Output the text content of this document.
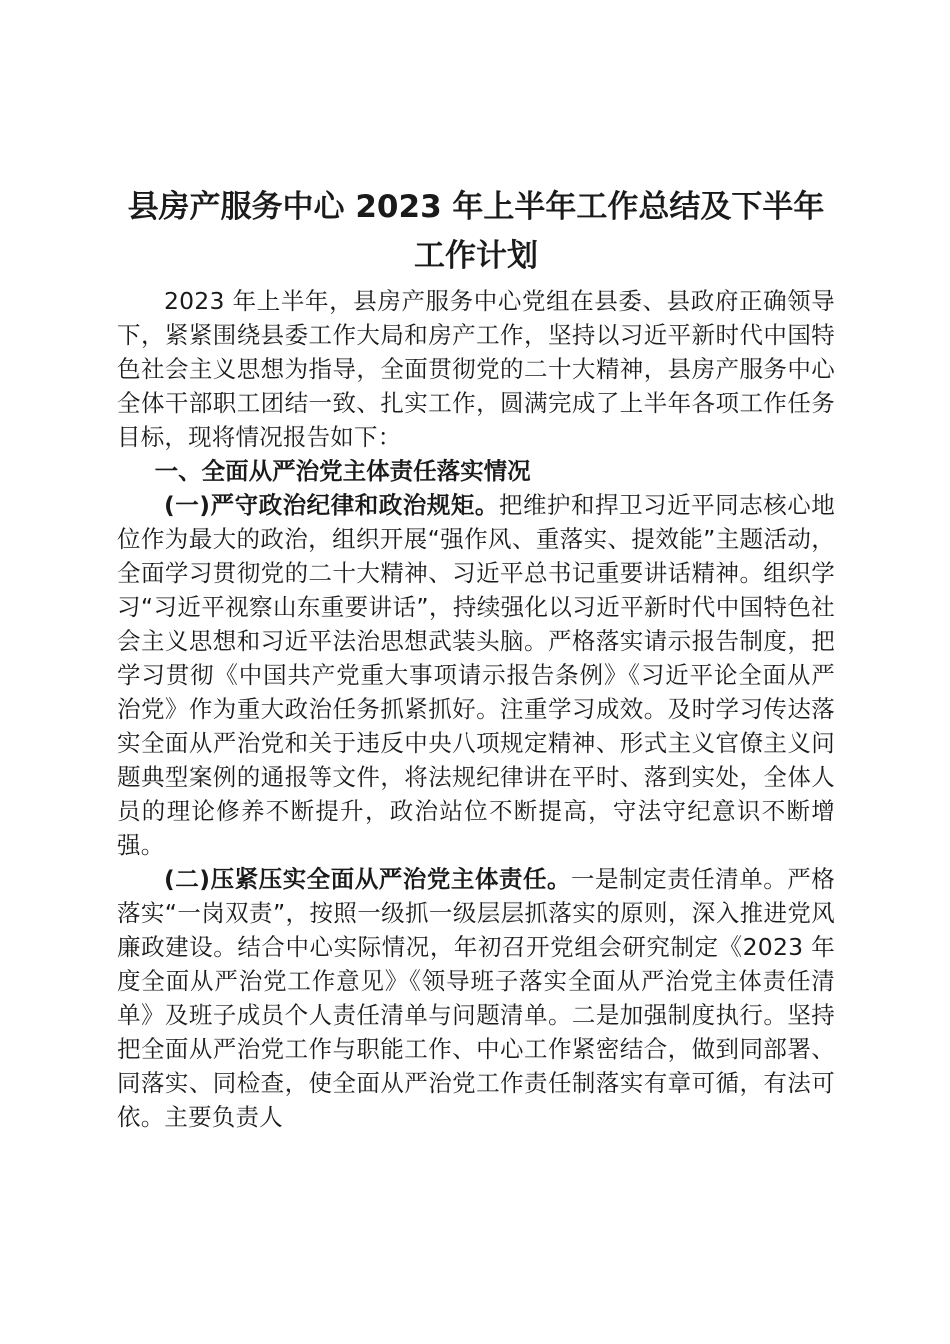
县房产服务中心 2023 年上半年工作总结及下半年工作计划

2023 年上半年，县房产服务中心党组在县委、县政府正确领导下，紧紧围绕县委工作大局和房产工作，坚持以习近平新时代中国特色社会主义思想为指导，全面贯彻党的二十大精神，县房产服务中心全体干部职工团结一致、扎实工作，圆满完成了上半年各项工作任务目标，现将情况报告如下：

一、全面从严治党主体责任落实情况

(一)严守政治纪律和政治规矩。把维护和捍卫习近平同志核心地位作为最大的政治，组织开展“强作风、重落实、提效能”主题活动，全面学习贯彻党的二十大精神、习近平总书记重要讲话精神。组织学习“习近平视察山东重要讲话”，持续强化以习近平新时代中国特色社会主义思想和习近平法治思想武装头脑。严格落实请示报告制度，把学习贯彻《中国共产党重大事项请示报告条例》《习近平论全面从严治党》作为重大政治任务抓紧抓好。注重学习成效。及时学习传达落实全面从严治党和关于违反中央八项规定精神、形式主义官僚主义问题典型案例的通报等文件，将法规纪律讲在平时、落到实处，全体人员的理论修养不断提升，政治站位不断提高，守法守纪意识不断增强。

(二)压紧压实全面从严治党主体责任。一是制定责任清单。严格落实“一岗双责”，按照一级抓一级层层抓落实的原则，深入推进党风廉政建设。结合中心实际情况，年初召开党组会研究制定《2023 年度全面从严治党工作意见》《领导班子落实全面从严治党主体责任清单》及班子成员个人责任清单与问题清单。二是加强制度执行。坚持把全面从严治党工作与职能工作、中心工作紧密结合，做到同部署、同落实、同检查，使全面从严治党工作责任制落实有章可循，有法可依。主要负责人
